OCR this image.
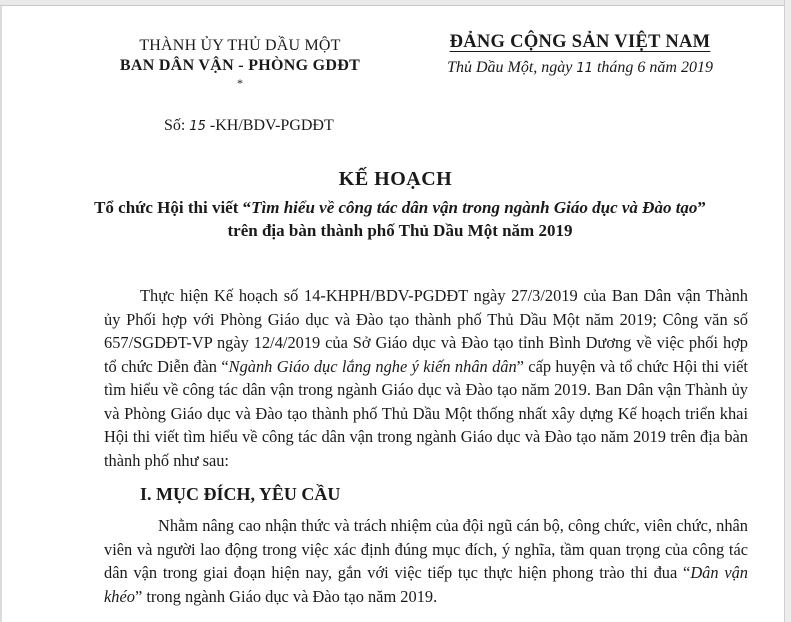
THÀNH ỦY THỦ DẦU MỘT
BAN DÂN VẬN - PHÒNG GDĐT
*
ĐẢNG CỘNG SẢN VIỆT NAM
Thủ Dầu Một, ngày 11 tháng 6 năm 2019
Số: 15 -KH/BDV-PGDĐT
KẾ HOẠCH
Tổ chức Hội thi viết “Tìm hiểu về công tác dân vận trong ngành Giáo dục và Đào tạo”
trên địa bàn thành phố Thủ Dầu Một năm 2019

Thực hiện Kế hoạch số 14-KHPH/BDV-PGDĐT ngày 27/3/2019 của Ban Dân vận Thành ủy Phối hợp với Phòng Giáo dục và Đào tạo thành phố Thủ Dầu Một năm 2019; Công văn số 657/SGDĐT-VP ngày 12/4/2019 của Sở Giáo dục và Đào tạo tỉnh Bình Dương về việc phối hợp tổ chức Diễn đàn “Ngành Giáo dục lắng nghe ý kiến nhân dân” cấp huyện và tổ chức Hội thi viết tìm hiểu về công tác dân vận trong ngành Giáo dục và Đào tạo năm 2019. Ban Dân vận Thành ủy và Phòng Giáo dục và Đào tạo thành phố Thủ Dầu Một thống nhất xây dựng Kế hoạch triển khai Hội thi viết tìm hiểu về công tác dân vận trong ngành Giáo dục và Đào tạo năm 2019 trên địa bàn thành phố như sau:

I. MỤC ĐÍCH, YÊU CẦU

Nhằm nâng cao nhận thức và trách nhiệm của đội ngũ cán bộ, công chức, viên chức, nhân viên và người lao động trong việc xác định đúng mục đích, ý nghĩa, tầm quan trọng của công tác dân vận trong giai đoạn hiện nay, gắn với việc tiếp tục thực hiện phong trào thi đua “Dân vận khéo” trong ngành Giáo dục và Đào tạo năm 2019.
